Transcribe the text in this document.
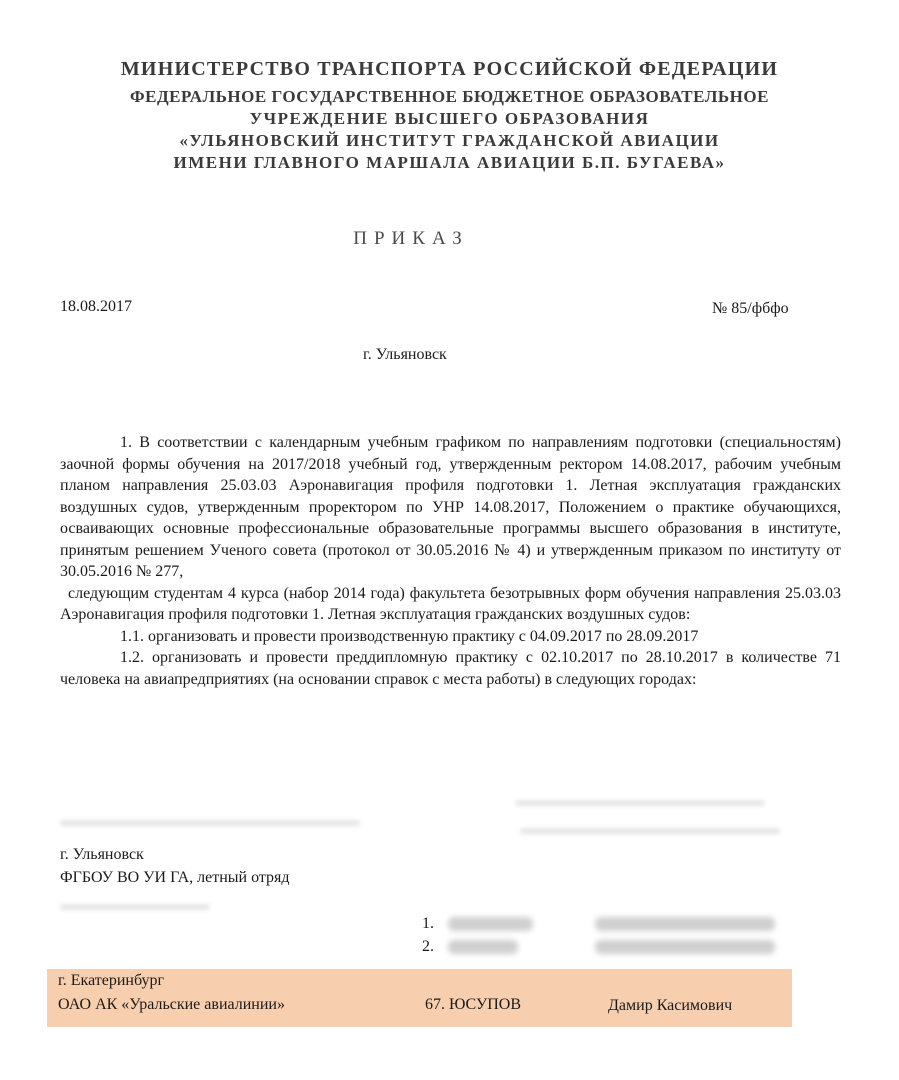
МИНИСТЕРСТВО ТРАНСПОРТА РОССИЙСКОЙ ФЕДЕРАЦИИ
ФЕДЕРАЛЬНОЕ ГОСУДАРСТВЕННОЕ БЮДЖЕТНОЕ ОБРАЗОВАТЕЛЬНОЕ
УЧРЕЖДЕНИЕ ВЫСШЕГО ОБРАЗОВАНИЯ
«УЛЬЯНОВСКИЙ ИНСТИТУТ ГРАЖДАНСКОЙ АВИАЦИИ
ИМЕНИ ГЛАВНОГО МАРШАЛА АВИАЦИИ Б.П. БУГАЕВА»
ПРИКАЗ
18.08.2017	№ 85/фбфо
г. Ульяновск

1. В соответствии с календарным учебным графиком по направлениям подготовки (специальностям) заочной формы обучения на 2017/2018 учебный год, утвержденным ректором 14.08.2017, рабочим учебным планом направления 25.03.03 Аэронавигация профиля подготовки 1. Летная эксплуатация гражданских воздушных судов, утвержденным проректором по УНР 14.08.2017, Положением о практике обучающихся, осваивающих основные профессиональные образовательные программы высшего образования в институте, принятым решением Ученого совета (протокол от 30.05.2016 № 4) и утвержденным приказом по институту от 30.05.2016 № 277,

следующим студентам 4 курса (набор 2014 года) факультета безотрывных форм обучения направления 25.03.03 Аэронавигация профиля подготовки 1. Летная эксплуатация гражданских воздушных судов:

1.1. организовать и провести производственную практику с 04.09.2017 по 28.09.2017

1.2. организовать и провести преддипломную практику с 02.10.2017 по 28.10.2017 в количестве 71 человека на авиапредприятиях (на основании справок с места работы) в следующих городах:

г. Ульяновск
ФГБОУ ВО УИ ГА, летный отряд
1.
2.
г. Екатеринбург
ОАО АК «Уральские авиалинии»	67. ЮСУПОВ	Дамир Касимович
